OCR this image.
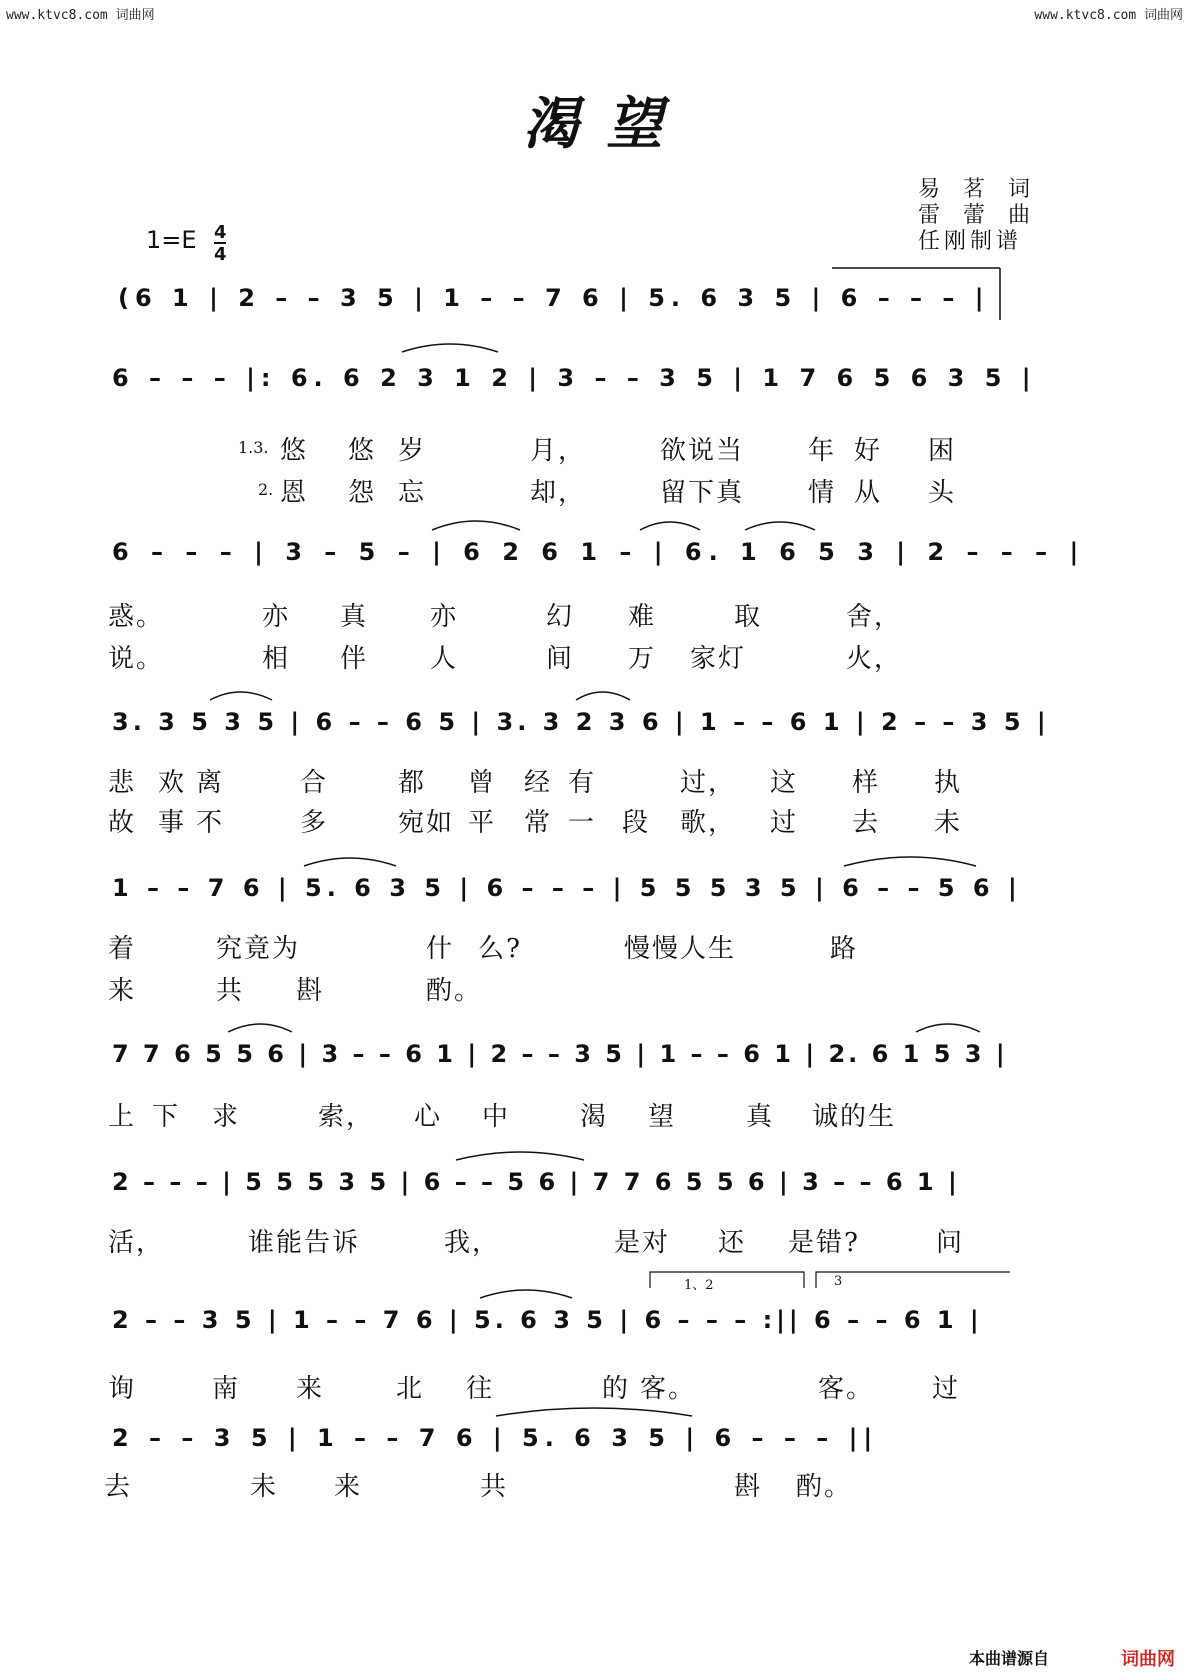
www.ktvc8.com 词曲网	www.ktvc8.com 词曲网
渴 望
易 茗 词
雷 蕾 曲
任刚制谱
1=E 4
4
(6 1 | 2 – – 3 5 | 1 – – 7 6 | 5. 6 3 5 | 6 – – – |
6 – – – |: 6. 6 2 3 1 2 | 3 – – 3 5 | 1 7 6 5 6 3 5 |
6 – – – | 3 – 5 – | 6 2 6 1 – | 6. 1 6 5 3 | 2 – – – |
3. 3 5 3 5 | 6 – – 6 5 | 3. 3 2 3 6 | 1 – – 6 1 | 2 – – 3 5 |
1 – – 7 6 | 5. 6 3 5 | 6 – – – | 5 5 5 3 5 | 6 – – 5 6 |
7 7 6 5 5 6 | 3 – – 6 1 | 2 – – 3 5 | 1 – – 6 1 | 2. 6 1 5 3 |
2 – – – | 5 5 5 3 5 | 6 – – 5 6 | 7 7 6 5 5 6 | 3 – – 6 1 |
2 – – 3 5 | 1 – – 7 6 | 5. 6 3 5 | 6 – – – :|| 6 – – 6 1 |
2 – – 3 5 | 1 – – 7 6 | 5. 6 3 5 | 6 – – – ||
1、2	3
1.3.
2.
悠 悠 岁	月，	欲说当 年 好 困
恩 怨 忘	却，	留下真 情 从 头
惑。	亦 真 亦	幻 难	取	舍，
说。	相 伴 人	间 万 家灯	火，
悲 欢 离	合	都 曾 经 有	过， 这 样 执
故 事 不	多	宛如 平 常 一 段 歌， 过 去 未
着	究竟为	什 么?	慢慢人生	路
来	共 斟	酌。
上 下 求	索， 心 中	渴 望	真 诚的生
活，	谁能告诉	我，	是对 还 是错?	问
询	南 来	北 往	的 客。	客。 过
去	未 来	共	斟 酌。
本曲谱源自	词曲网
